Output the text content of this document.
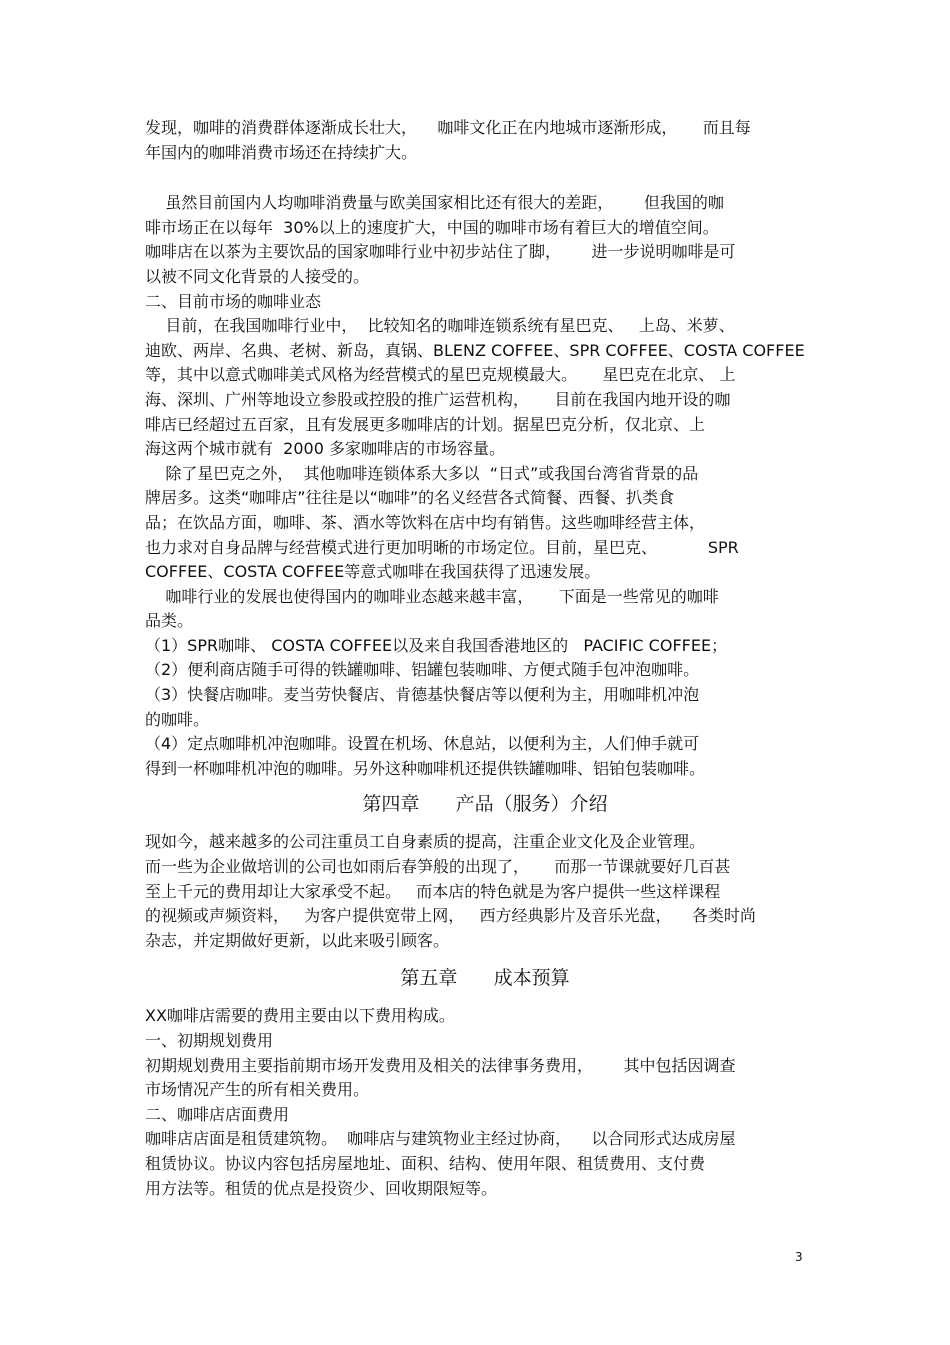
发现，咖啡的消费群体逐渐成长壮大，    咖啡文化正在内地城市逐渐形成，     而且每
年国内的咖啡消费市场还在持续扩大。
虽然目前国内人均咖啡消费量与欧美国家相比还有很大的差距，      但我国的咖
啡市场正在以每年  30%以上的速度扩大，中国的咖啡市场有着巨大的增值空间。
咖啡店在以茶为主要饮品的国家咖啡行业中初步站住了脚，      进一步说明咖啡是可
以被不同文化背景的人接受的。
二、目前市场的咖啡业态
目前，在我国咖啡行业中，  比较知名的咖啡连锁系统有星巴克、   上岛、米萝、
迪欧、两岸、名典、老树、新岛，真锅、BLENZ COFFEE、SPR COFFEE、COSTA COFFEE
等，其中以意式咖啡美式风格为经营模式的星巴克规模最大。     星巴克在北京、 上
海、深圳、广州等地设立参股或控股的推广运营机构，     目前在我国内地开设的咖
啡店已经超过五百家，且有发展更多咖啡店的计划。据星巴克分析，仅北京、上
海这两个城市就有  2000 多家咖啡店的市场容量。
除了星巴克之外，  其他咖啡连锁体系大多以  “日式”或我国台湾省背景的品
牌居多。这类“咖啡店”往往是以“咖啡”的名义经营各式简餐、西餐、扒类食
品；在饮品方面，咖啡、茶、酒水等饮料在店中均有销售。这些咖啡经营主体，
也力求对自身品牌与经营模式进行更加明晰的市场定位。目前，星巴克、          SPR
COFFEE、COSTA COFFEE等意式咖啡在我国获得了迅速发展。
咖啡行业的发展也使得国内的咖啡业态越来越丰富，     下面是一些常见的咖啡
品类。
（1）SPR咖啡、 COSTA COFFEE以及来自我国香港地区的   PACIFIC COFFEE；
（2）便利商店随手可得的铁罐咖啡、铝罐包装咖啡、方便式随手包冲泡咖啡。
（3）快餐店咖啡。麦当劳快餐店、肯德基快餐店等以便利为主，用咖啡机冲泡
的咖啡。
（4）定点咖啡机冲泡咖啡。设置在机场、休息站，以便利为主，人们伸手就可
得到一杯咖啡机冲泡的咖啡。另外这种咖啡机还提供铁罐咖啡、铝铂包装咖啡。
第四章      产品（服务）介绍
现如今，越来越多的公司注重员工自身素质的提高，注重企业文化及企业管理。
而一些为企业做培训的公司也如雨后春笋般的出现了，     而那一节课就要好几百甚
至上千元的费用却让大家承受不起。   而本店的特色就是为客户提供一些这样课程
的视频或声频资料，   为客户提供宽带上网，   西方经典影片及音乐光盘，    各类时尚
杂志，并定期做好更新，以此来吸引顾客。
第五章      成本预算
XX咖啡店需要的费用主要由以下费用构成。
一、初期规划费用
初期规划费用主要指前期市场开发费用及相关的法律事务费用，      其中包括因调查
市场情况产生的所有相关费用。
二、咖啡店店面费用
咖啡店店面是租赁建筑物。  咖啡店与建筑物业主经过协商，    以合同形式达成房屋
租赁协议。协议内容包括房屋地址、面积、结构、使用年限、租赁费用、支付费
用方法等。租赁的优点是投资少、回收期限短等。
3
